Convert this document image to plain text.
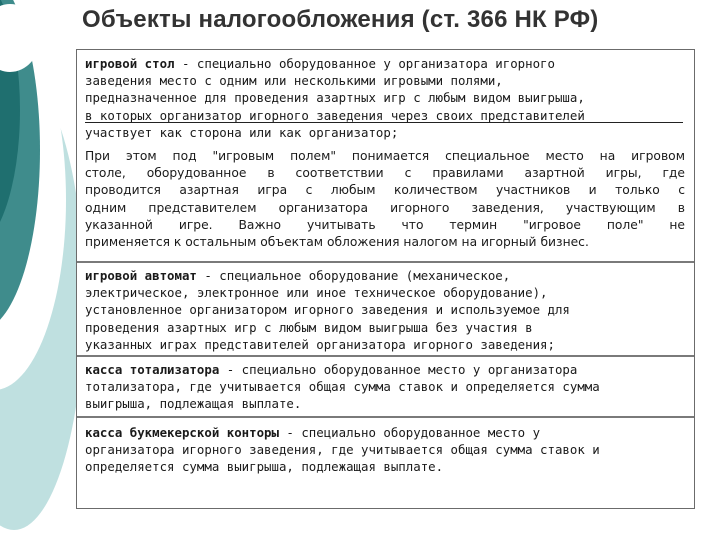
Объекты налогообложения (ст. 366 НК РФ)
игровой стол - специально оборудованное у организатора игорного
заведения место с одним или несколькими игровыми полями,
предназначенное для проведения азартных игр с любым видом выигрыша,
в которых организатор игорного заведения через своих представителей
участвует как сторона или как организатор;
При этом под "игровым полем" понимается специальное место на игровом
столе, оборудованное в соответствии с правилами азартной игры, где
проводится азартная игра с любым количеством участников и только с
одним представителем организатора игорного заведения, участвующим в
указанной игре. Важно учитывать что термин "игровое поле" не
применяется к остальным объектам обложения налогом на игорный бизнес.
игровой автомат - специальное оборудование (механическое,
электрическое, электронное или иное техническое оборудование),
установленное организатором игорного заведения и используемое для
проведения азартных игр с любым видом выигрыша без участия в
указанных играх представителей организатора игорного заведения;
касса тотализатора - специально оборудованное место у организатора
тотализатора, где учитывается общая сумма ставок и определяется сумма
выигрыша, подлежащая выплате.
касса букмекерской конторы - специально оборудованное место у
организатора игорного заведения, где учитывается общая сумма ставок и
определяется сумма выигрыша, подлежащая выплате.
